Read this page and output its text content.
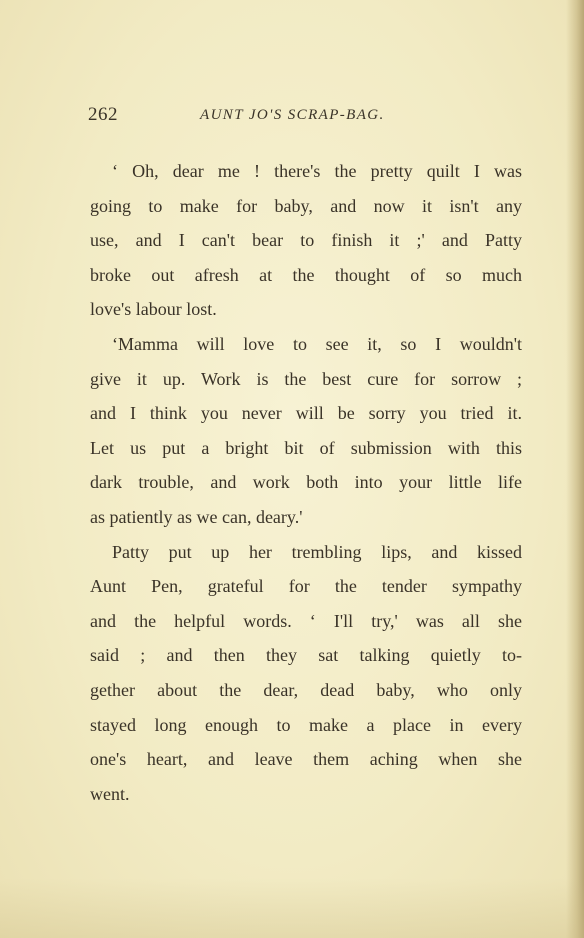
262	AUNT JO'S SCRAP-BAG.
‘ Oh, dear me ! there's the pretty quilt I was
going to make for baby, and now it isn't any
use, and I can't bear to finish it ;' and Patty
broke out afresh at the thought of so much
love's labour lost.
‘Mamma will love to see it, so I wouldn't
give it up. Work is the best cure for sorrow ;
and I think you never will be sorry you tried it.
Let us put a bright bit of submission with this
dark trouble, and work both into your little life
as patiently as we can, deary.'
Patty put up her trembling lips, and kissed
Aunt Pen, grateful for the tender sympathy
and the helpful words. ‘ I'll try,' was all she
said ; and then they sat talking quietly to-
gether about the dear, dead baby, who only
stayed long enough to make a place in every
one's heart, and leave them aching when she
went.
